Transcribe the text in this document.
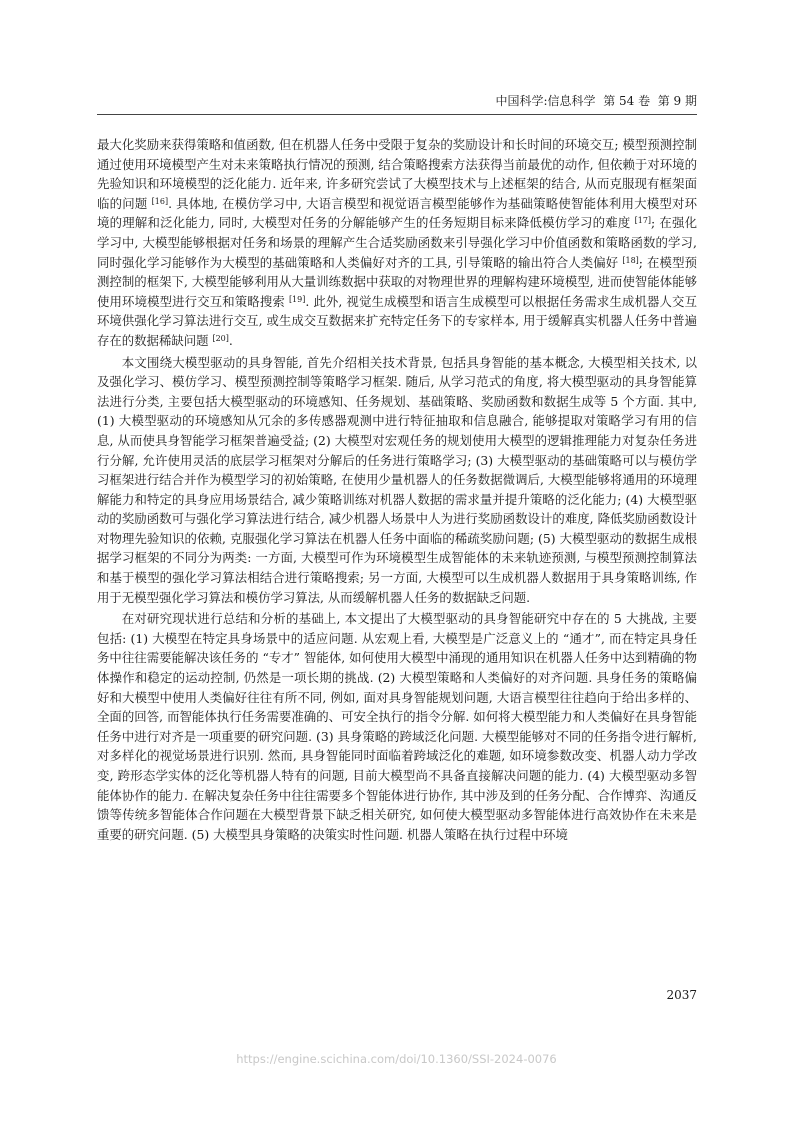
中国科学:信息科学 第 54 卷 第 9 期

最大化奖励来获得策略和值函数, 但在机器人任务中受限于复杂的奖励设计和长时间的环境交互; 模型预测控制通过使用环境模型产生对未来策略执行情况的预测, 结合策略搜索方法获得当前最优的动作, 但依赖于对环境的先验知识和环境模型的泛化能力. 近年来, 许多研究尝试了大模型技术与上述框架的结合, 从而克服现有框架面临的问题 [16]. 具体地, 在模仿学习中, 大语言模型和视觉语言模型能够作为基础策略使智能体利用大模型对环境的理解和泛化能力, 同时, 大模型对任务的分解能够产生的任务短期目标来降低模仿学习的难度 [17]; 在强化学习中, 大模型能够根据对任务和场景的理解产生合适奖励函数来引导强化学习中价值函数和策略函数的学习, 同时强化学习能够作为大模型的基础策略和人类偏好对齐的工具, 引导策略的输出符合人类偏好 [18]; 在模型预测控制的框架下, 大模型能够利用从大量训练数据中获取的对物理世界的理解构建环境模型, 进而使智能体能够使用环境模型进行交互和策略搜索 [19]. 此外, 视觉生成模型和语言生成模型可以根据任务需求生成机器人交互环境供强化学习算法进行交互, 或生成交互数据来扩充特定任务下的专家样本, 用于缓解真实机器人任务中普遍存在的数据稀缺问题 [20].

本文围绕大模型驱动的具身智能, 首先介绍相关技术背景, 包括具身智能的基本概念, 大模型相关技术, 以及强化学习、模仿学习、模型预测控制等策略学习框架. 随后, 从学习范式的角度, 将大模型驱动的具身智能算法进行分类, 主要包括大模型驱动的环境感知、任务规划、基础策略、奖励函数和数据生成等 5 个方面. 其中, (1) 大模型驱动的环境感知从冗余的多传感器观测中进行特征抽取和信息融合, 能够提取对策略学习有用的信息, 从而使具身智能学习框架普遍受益; (2) 大模型对宏观任务的规划使用大模型的逻辑推理能力对复杂任务进行分解, 允许使用灵活的底层学习框架对分解后的任务进行策略学习; (3) 大模型驱动的基础策略可以与模仿学习框架进行结合并作为模型学习的初始策略, 在使用少量机器人的任务数据微调后, 大模型能够将通用的环境理解能力和特定的具身应用场景结合, 减少策略训练对机器人数据的需求量并提升策略的泛化能力; (4) 大模型驱动的奖励函数可与强化学习算法进行结合, 减少机器人场景中人为进行奖励函数设计的难度, 降低奖励函数设计对物理先验知识的依赖, 克服强化学习算法在机器人任务中面临的稀疏奖励问题; (5) 大模型驱动的数据生成根据学习框架的不同分为两类: 一方面, 大模型可作为环境模型生成智能体的未来轨迹预测, 与模型预测控制算法和基于模型的强化学习算法相结合进行策略搜索; 另一方面, 大模型可以生成机器人数据用于具身策略训练, 作用于无模型强化学习算法和模仿学习算法, 从而缓解机器人任务的数据缺乏问题.

在对研究现状进行总结和分析的基础上, 本文提出了大模型驱动的具身智能研究中存在的 5 大挑战, 主要包括: (1) 大模型在特定具身场景中的适应问题. 从宏观上看, 大模型是广泛意义上的 “通才”, 而在特定具身任务中往往需要能解决该任务的 “专才” 智能体, 如何使用大模型中涌现的通用知识在机器人任务中达到精确的物体操作和稳定的运动控制, 仍然是一项长期的挑战. (2) 大模型策略和人类偏好的对齐问题. 具身任务的策略偏好和大模型中使用人类偏好往往有所不同, 例如, 面对具身智能规划问题, 大语言模型往往趋向于给出多样的、全面的回答, 而智能体执行任务需要准确的、可安全执行的指令分解. 如何将大模型能力和人类偏好在具身智能任务中进行对齐是一项重要的研究问题. (3) 具身策略的跨域泛化问题. 大模型能够对不同的任务指令进行解析, 对多样化的视觉场景进行识别. 然而, 具身智能同时面临着跨域泛化的难题, 如环境参数改变、机器人动力学改变, 跨形态学实体的泛化等机器人特有的问题, 目前大模型尚不具备直接解决问题的能力. (4) 大模型驱动多智能体协作的能力. 在解决复杂任务中往往需要多个智能体进行协作, 其中涉及到的任务分配、合作博弈、沟通反馈等传统多智能体合作问题在大模型背景下缺乏相关研究, 如何使大模型驱动多智能体进行高效协作在未来是重要的研究问题. (5) 大模型具身策略的决策实时性问题. 机器人策略在执行过程中环境

2037
https://engine.scichina.com/doi/10.1360/SSI-2024-0076
